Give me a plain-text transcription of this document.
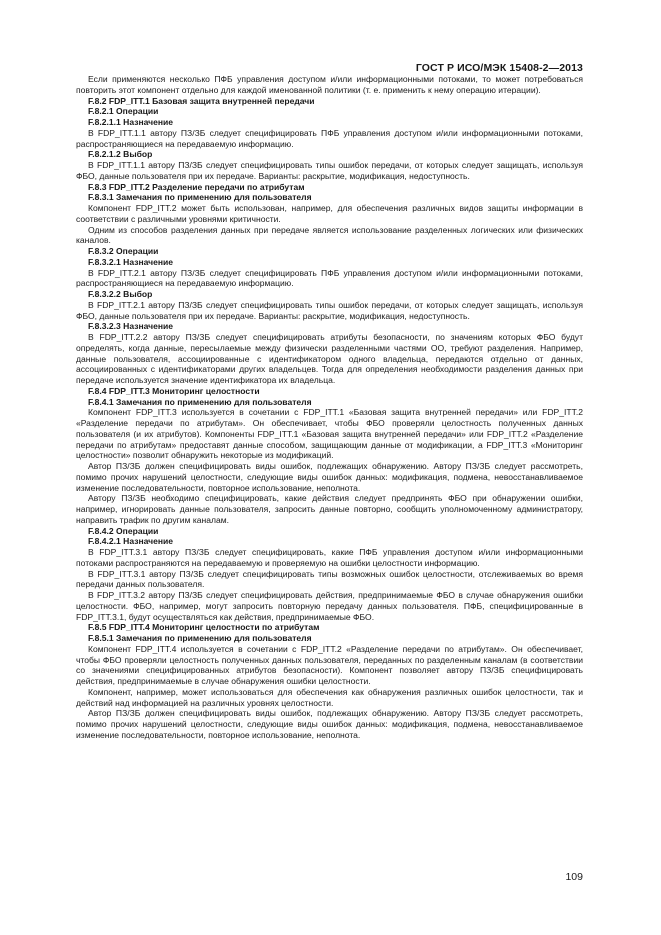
ГОСТ Р ИСО/МЭК 15408-2—2013

Если применяются несколько ПФБ управления доступом и/или информационными потоками, то может потребоваться повторить этот компонент отдельно для каждой именованной политики (т. е. применить к нему операцию итерации).

F.8.2 FDP_ITT.1 Базовая защита внутренней передачи

F.8.2.1 Операции

F.8.2.1.1 Назначение

В FDP_ITT.1.1 автору ПЗ/ЗБ следует специфицировать ПФБ управления доступом и/или информационными потоками, распространяющиеся на передаваемую информацию.

F.8.2.1.2 Выбор

В FDP_ITT.1.1 автору ПЗ/ЗБ следует специфицировать типы ошибок передачи, от которых следует защищать, используя ФБО, данные пользователя при их передаче. Варианты: раскрытие, модификация, недоступность.

F.8.3 FDP_ITT.2 Разделение передачи по атрибутам

F.8.3.1 Замечания по применению для пользователя

Компонент FDP_ITT.2 может быть использован, например, для обеспечения различных видов защиты информации в соответствии с различными уровнями критичности.

Одним из способов разделения данных при передаче является использование разделенных логических или физических каналов.

F.8.3.2 Операции

F.8.3.2.1 Назначение

В FDP_ITT.2.1 автору ПЗ/ЗБ следует специфицировать ПФБ управления доступом и/или информационными потоками, распространяющиеся на передаваемую информацию.

F.8.3.2.2 Выбор

В FDP_ITT.2.1 автору ПЗ/ЗБ следует специфицировать типы ошибок передачи, от которых следует защищать, используя ФБО, данные пользователя при их передаче. Варианты: раскрытие, модификация, недоступность.

F.8.3.2.3 Назначение

В FDP_ITT.2.2 автору ПЗ/ЗБ следует специфицировать атрибуты безопасности, по значениям которых ФБО будут определять, когда данные, пересылаемые между физически разделенными частями ОО, требуют разделения. Например, данные пользователя, ассоциированные с идентификатором одного владельца, передаются отдельно от данных, ассоциированных с идентификаторами других владельцев. Тогда для определения необходимости разделения данных при передаче используется значение идентификатора их владельца.

F.8.4 FDP_ITT.3 Мониторинг целостности

F.8.4.1 Замечания по применению для пользователя

Компонент FDP_ITT.3 используется в сочетании с FDP_ITT.1 «Базовая защита внутренней передачи» или FDP_ITT.2 «Разделение передачи по атрибутам». Он обеспечивает, чтобы ФБО проверяли целостность полученных данных пользователя (и их атрибутов). Компоненты FDP_ITT.1 «Базовая защита внутренней передачи» или FDP_ITT.2 «Разделение передачи по атрибутам» предоставят данные способом, защищающим данные от модификации, а FDP_ITT.3 «Мониторинг целостности» позволит обнаружить некоторые из модификаций.

Автор ПЗ/ЗБ должен специфицировать виды ошибок, подлежащих обнаружению. Автору ПЗ/ЗБ следует рассмотреть, помимо прочих нарушений целостности, следующие виды ошибок данных: модификация, подмена, невосстанавливаемое изменение последовательности, повторное использование, неполнота.

Автору ПЗ/ЗБ необходимо специфицировать, какие действия следует предпринять ФБО при обнаружении ошибки, например, игнорировать данные пользователя, запросить данные повторно, сообщить уполномоченному администратору, направить трафик по другим каналам.

F.8.4.2 Операции

F.8.4.2.1 Назначение

В FDP_ITT.3.1 автору ПЗ/ЗБ следует специфицировать, какие ПФБ управления доступом и/или информационными потоками распространяются на передаваемую и проверяемую на ошибки целостности информацию.

В FDP_ITT.3.1 автору ПЗ/ЗБ следует специфицировать типы возможных ошибок целостности, отслеживаемых во время передачи данных пользователя.

В FDP_ITT.3.2 автору ПЗ/ЗБ следует специфицировать действия, предпринимаемые ФБО в случае обнаружения ошибки целостности. ФБО, например, могут запросить повторную передачу данных пользователя. ПФБ, специфицированные в FDP_ITT.3.1, будут осуществляться как действия, предпринимаемые ФБО.

F.8.5 FDP_ITT.4 Мониторинг целостности по атрибутам

F.8.5.1 Замечания по применению для пользователя

Компонент FDP_ITT.4 используется в сочетании с FDP_ITT.2 «Разделение передачи по атрибутам». Он обеспечивает, чтобы ФБО проверяли целостность полученных данных пользователя, переданных по разделенным каналам (в соответствии со значениями специфицированных атрибутов безопасности). Компонент позволяет автору ПЗ/ЗБ специфицировать действия, предпринимаемые в случае обнаружения ошибки целостности.

Компонент, например, может использоваться для обеспечения как обнаружения различных ошибок целостности, так и действий над информацией на различных уровнях целостности.

Автор ПЗ/ЗБ должен специфицировать виды ошибок, подлежащих обнаружению. Автору ПЗ/ЗБ следует рассмотреть, помимо прочих нарушений целостности, следующие виды ошибок данных: модификация, подмена, невосстанавливаемое изменение последовательности, повторное использование, неполнота.

109
